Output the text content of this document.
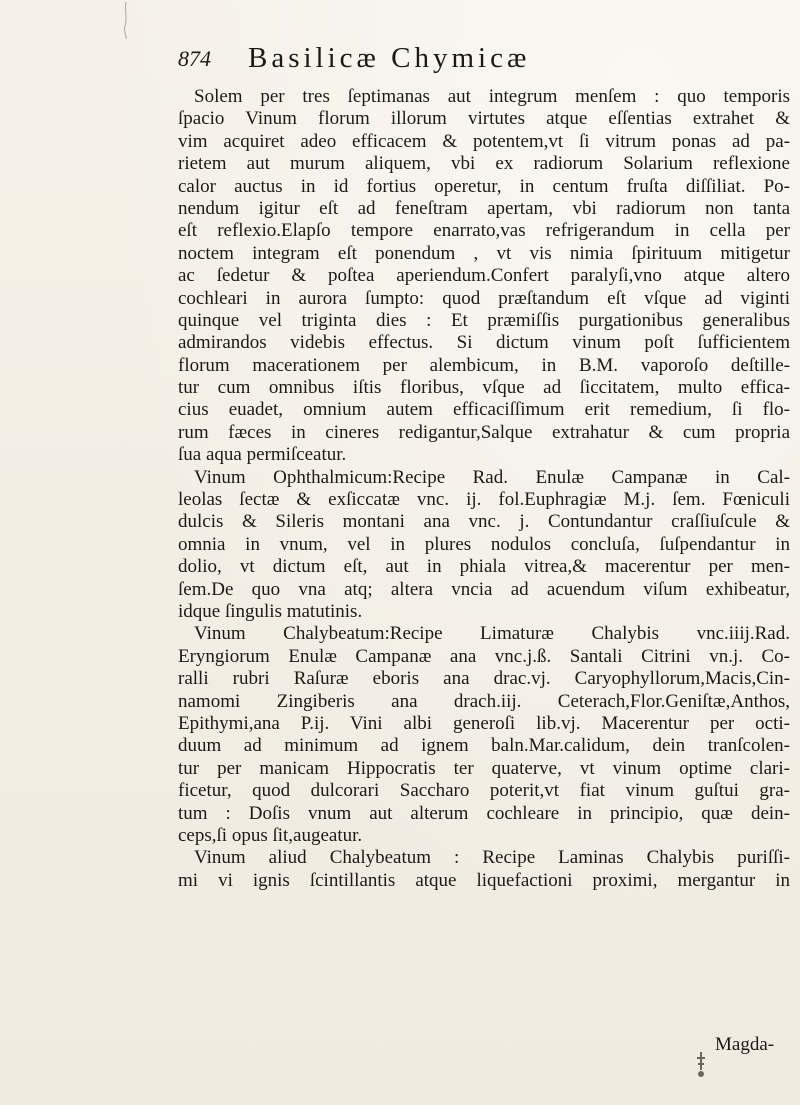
874 Basilicæ Chymicæ
Solem per tres ſeptimanas aut integrum menſem : quo temporis
ſpacio Vinum florum illorum virtutes atque eſſentias extrahet &
vim acquiret adeo efficacem & potentem,vt ſi vitrum ponas ad pa-
rietem aut murum aliquem, vbi ex radiorum Solarium reflexione
calor auctus in id fortius operetur, in centum fruſta diſſiliat. Po-
nendum igitur eſt ad feneſtram apertam, vbi radiorum non tanta
eſt reflexio.Elapſo tempore enarrato,vas refrigerandum in cella per
noctem integram eſt ponendum , vt vis nimia ſpirituum mitigetur
ac ſedetur & poſtea aperiendum.Confert paralyſi,vno atque altero
cochleari in aurora ſumpto: quod præſtandum eſt vſque ad viginti
quinque vel triginta dies : Et præmiſſis purgationibus generalibus
admirandos videbis effectus. Si dictum vinum poſt ſufficientem
florum macerationem per alembicum, in B.M. vaporoſo deſtille-
tur cum omnibus iſtis floribus, vſque ad ſiccitatem, multo effica-
cius euadet, omnium autem efficaciſſimum erit remedium, ſi flo-
rum fæces in cineres redigantur,Salque extrahatur & cum propria
ſua aqua permiſceatur.
Vinum Ophthalmicum:Recipe Rad. Enulæ Campanæ in Cal-
leolas ſectæ & exſiccatæ vnc. ij. fol.Euphragiæ M.j. ſem. Fœniculi
dulcis & Sileris montani ana vnc. j. Contundantur craſſiuſcule &
omnia in vnum, vel in plures nodulos concluſa, ſuſpendantur in
dolio, vt dictum eſt, aut in phiala vitrea,& macerentur per men-
ſem.De quo vna atq; altera vncia ad acuendum viſum exhibeatur,
idque ſingulis matutinis.
Vinum Chalybeatum:Recipe Limaturæ Chalybis vnc.iiij.Rad.
Eryngiorum Enulæ Campanæ ana vnc.j.ß. Santali Citrini vn.j. Co-
ralli rubri Raſuræ eboris ana drac.vj. Caryophyllorum,Macis,Cin-
namomi Zingiberis ana drach.iij. Ceterach,Flor.Geniſtæ,Anthos,
Epithymi,ana P.ij. Vini albi generoſi lib.vj. Macerentur per octi-
duum ad minimum ad ignem baln.Mar.calidum, dein tranſcolen-
tur per manicam Hippocratis ter quaterve, vt vinum optime clari-
ficetur, quod dulcorari Saccharo poterit,vt fiat vinum guſtui gra-
tum : Doſis vnum aut alterum cochleare in principio, quæ dein-
ceps,ſi opus ſit,augeatur.
Vinum aliud Chalybeatum : Recipe Laminas Chalybis puriſſi-
mi vi ignis ſcintillantis atque liquefactioni proximi, mergantur in
Magda-
